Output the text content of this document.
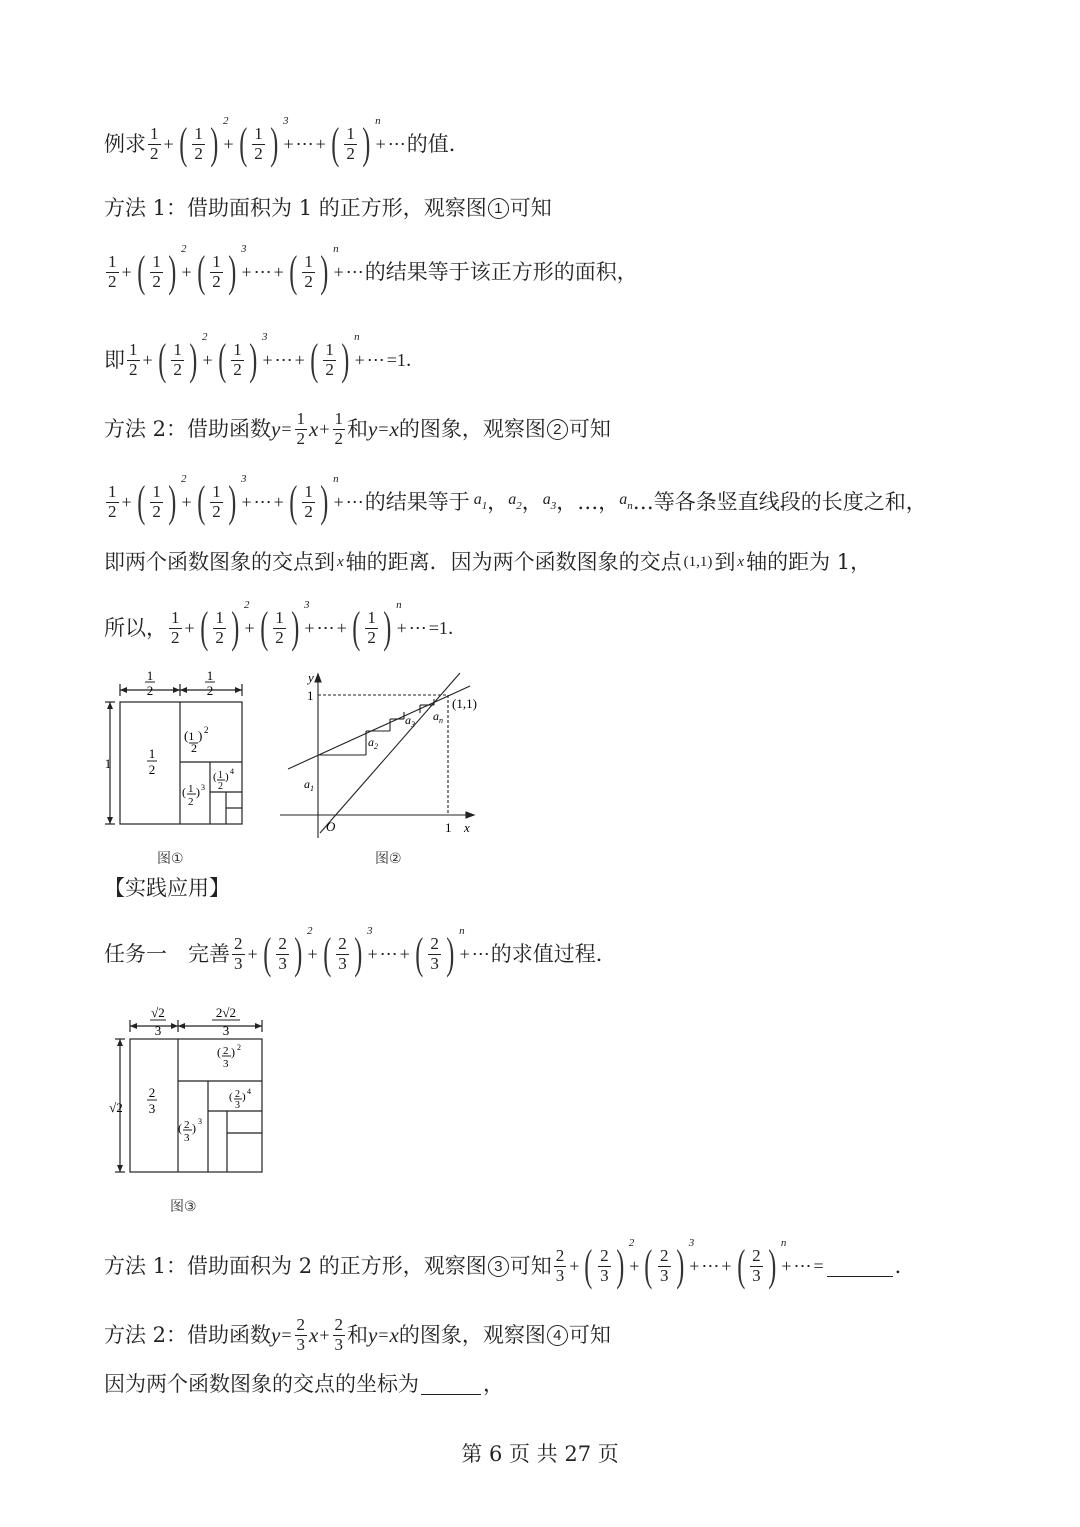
例求 $\frac{1}{2}$ + ( $\frac{1}{2}$ ) $^2$
+ ( $\frac{1}{2}$ ) $^3$
+ ⋯ + ( $\frac{1}{2}$ ) $^n$
+ ⋯ 的值．
方法 1：借助面积为 1 的正方形，观察图 1 可知
$\frac{1}{2}$ + ( $\frac{1}{2}$ ) $^2$
+ ( $\frac{1}{2}$ ) $^3$
+ ⋯ + ( $\frac{1}{2}$ ) $^n$
+ ⋯ 的结果等于该正方形的面积，
即 $\frac{1}{2}$ + ( $\frac{1}{2}$ ) $^2$
+ ( $\frac{1}{2}$ ) $^3$
+ ⋯ + ( $\frac{1}{2}$ ) $^n$
+ ⋯ =1．
方法 2：借助函数 $y = \frac{1}{2}$ $x + \frac{1}{2}$ 和 y = x 的图象，观察图 2 可知
$\frac{1}{2}$ + ( $\frac{1}{2}$ ) $^2$
+ ( $\frac{1}{2}$ ) $^3$
+ ⋯ + ( $\frac{1}{2}$ ) $^n$
+ ⋯ 的结果等于 $a_1$ ， $a_2$ ， $a_3$ ， … ， $a_n$ … 等各条竖直线段的长度之和，
即两个函数图象的交点到 x 轴的距离．因为两个函数图象的交点 (1,1) 到 x 轴的距为 1，
所以， $\frac{1}{2}$ + ( $\frac{1}{2}$ ) $^2$
+ ( $\frac{1}{2}$ ) $^3$
+ ⋯ + ( $\frac{1}{2}$ ) $^n$
+ ⋯ =1．
1
2
1
2
1
1
2
(1
2
) 2
( 1
2
) 3
( 1
2
) 4
图①
y
x
O
1
1
(1,1)
$a_1$
$a_2$
$a_3$
$a_n$
图②
【实践应用】
任务一　完善 $\frac{2}{3}$ + ( $\frac{2}{3}$ ) $^2$
+ ( $\frac{2}{3}$ ) $^3$
+ ⋯ + ( $\frac{2}{3}$ ) $^n$
+ ⋯ 的求值过程．
√2
3
2√2
3
√2
2
3
( 2
3
) 2
( 2
3
) 3
( 2
3
) 4
图③
方法 1：借助面积为 2 的正方形，观察图 3 可知 $\frac{2}{3}$ + ( $\frac{2}{3}$ ) $^2$
+ ( $\frac{2}{3}$ ) $^3$
+ ⋯ + ( $\frac{2}{3}$ ) $^n$
+ ⋯ =	．
方法 2：借助函数 $y = \frac{2}{3}$ $x + \frac{2}{3}$ 和 y = x 的图象，观察图 4 可知
因为两个函数图象的交点的坐标为	，
第 6 页 共 27 页
